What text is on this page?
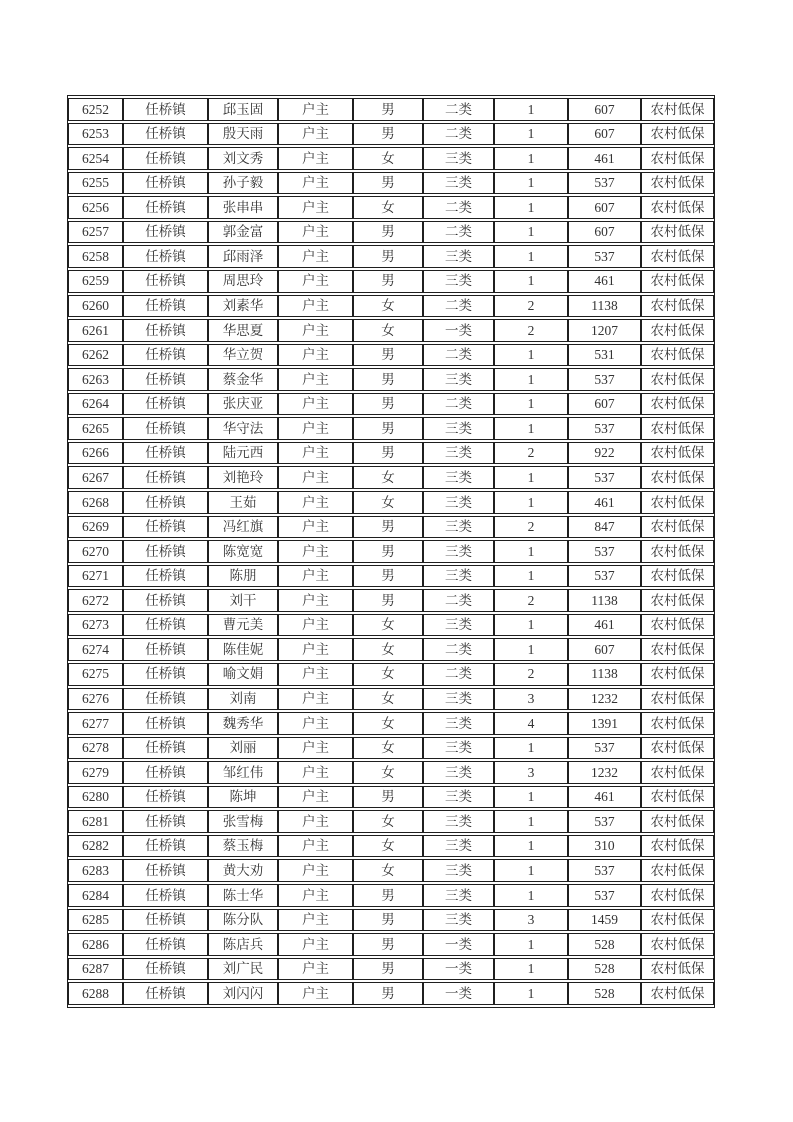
6252	任桥镇	邱玉固	户主	男	二类	1	607	农村低保
6253	任桥镇	殷天雨	户主	男	二类	1	607	农村低保
6254	任桥镇	刘文秀	户主	女	三类	1	461	农村低保
6255	任桥镇	孙子毅	户主	男	三类	1	537	农村低保
6256	任桥镇	张串串	户主	女	二类	1	607	农村低保
6257	任桥镇	郭金富	户主	男	二类	1	607	农村低保
6258	任桥镇	邱雨泽	户主	男	三类	1	537	农村低保
6259	任桥镇	周思玲	户主	男	三类	1	461	农村低保
6260	任桥镇	刘素华	户主	女	二类	2	1138	农村低保
6261	任桥镇	华思夏	户主	女	一类	2	1207	农村低保
6262	任桥镇	华立贺	户主	男	二类	1	531	农村低保
6263	任桥镇	蔡金华	户主	男	三类	1	537	农村低保
6264	任桥镇	张庆亚	户主	男	二类	1	607	农村低保
6265	任桥镇	华守法	户主	男	三类	1	537	农村低保
6266	任桥镇	陆元西	户主	男	三类	2	922	农村低保
6267	任桥镇	刘艳玲	户主	女	三类	1	537	农村低保
6268	任桥镇	王茹	户主	女	三类	1	461	农村低保
6269	任桥镇	冯红旗	户主	男	三类	2	847	农村低保
6270	任桥镇	陈宽宽	户主	男	三类	1	537	农村低保
6271	任桥镇	陈朋	户主	男	三类	1	537	农村低保
6272	任桥镇	刘干	户主	男	二类	2	1138	农村低保
6273	任桥镇	曹元美	户主	女	三类	1	461	农村低保
6274	任桥镇	陈佳妮	户主	女	二类	1	607	农村低保
6275	任桥镇	喻文娟	户主	女	二类	2	1138	农村低保
6276	任桥镇	刘南	户主	女	三类	3	1232	农村低保
6277	任桥镇	魏秀华	户主	女	三类	4	1391	农村低保
6278	任桥镇	刘丽	户主	女	三类	1	537	农村低保
6279	任桥镇	邹红伟	户主	女	三类	3	1232	农村低保
6280	任桥镇	陈坤	户主	男	三类	1	461	农村低保
6281	任桥镇	张雪梅	户主	女	三类	1	537	农村低保
6282	任桥镇	蔡玉梅	户主	女	三类	1	310	农村低保
6283	任桥镇	黄大劝	户主	女	三类	1	537	农村低保
6284	任桥镇	陈士华	户主	男	三类	1	537	农村低保
6285	任桥镇	陈分队	户主	男	三类	3	1459	农村低保
6286	任桥镇	陈店兵	户主	男	一类	1	528	农村低保
6287	任桥镇	刘广民	户主	男	一类	1	528	农村低保
6288	任桥镇	刘闪闪	户主	男	一类	1	528	农村低保
